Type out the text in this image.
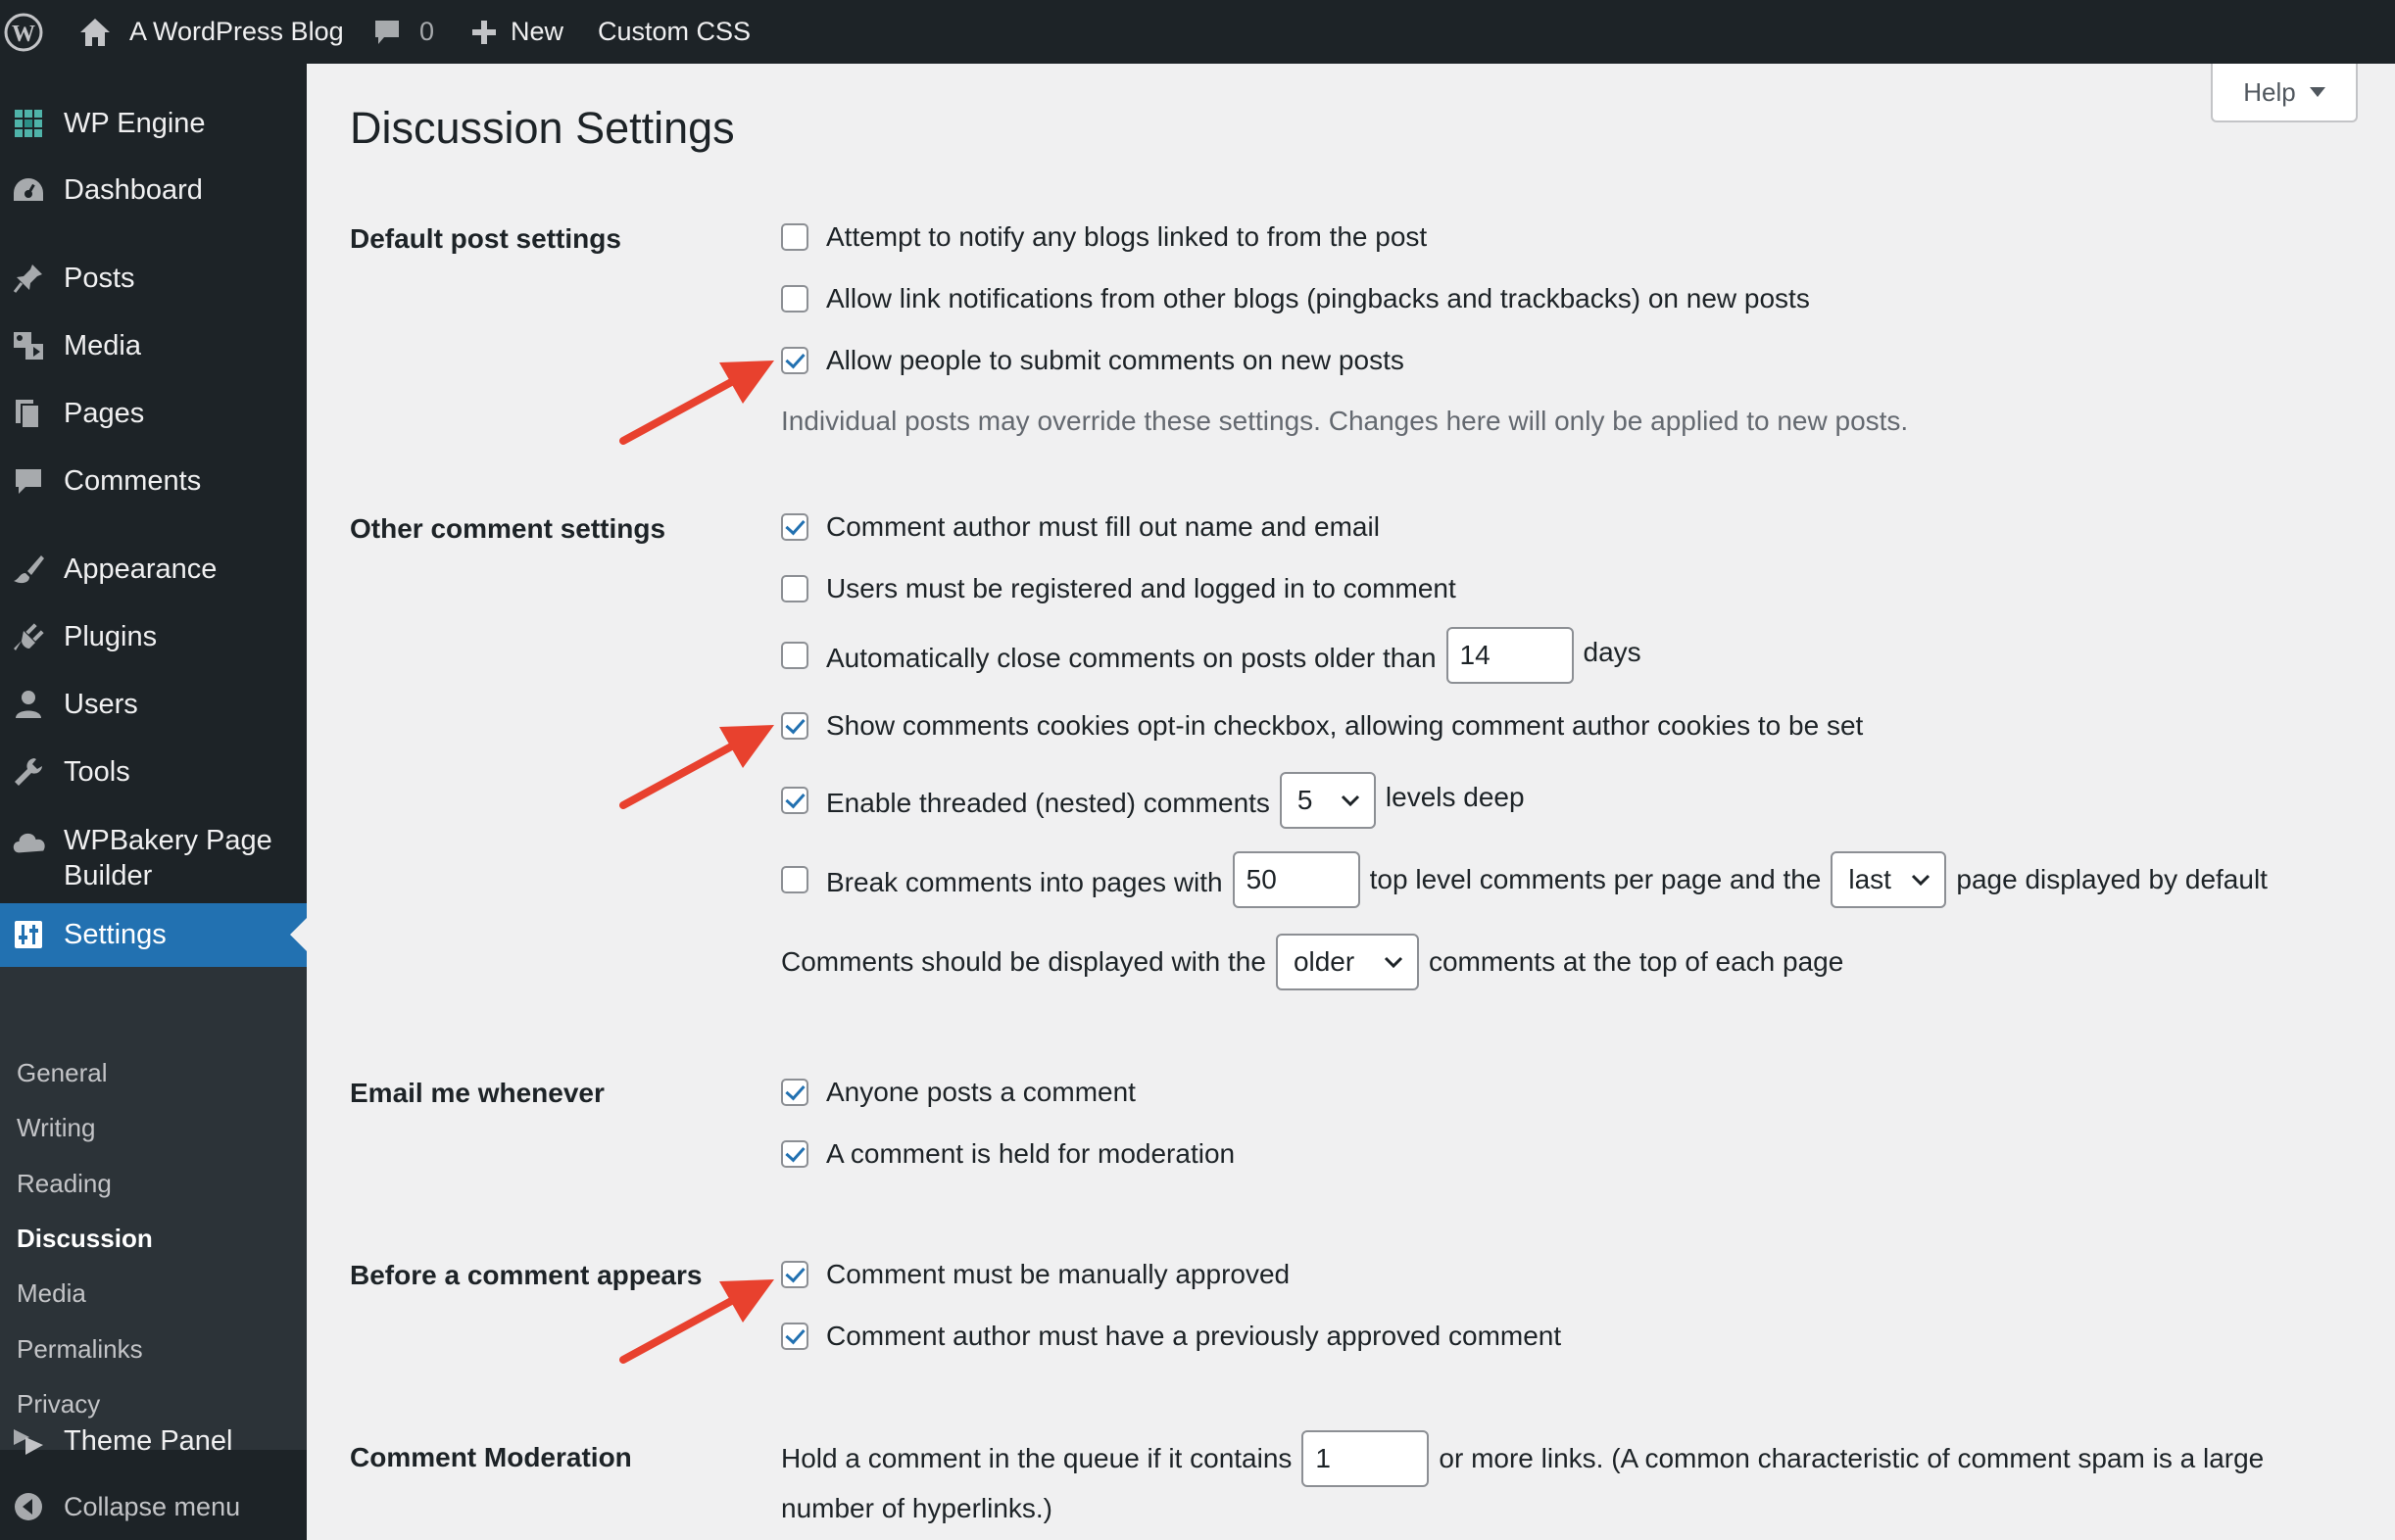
W	A WordPress Blog	0	New Custom CSS
WP Engine
Dashboard
Posts
Media
Pages
Comments
Appearance
Plugins
Users
Tools
WPBakery Page
Builder
Settings
General
Writing
Reading
Discussion
Media
Permalinks
Privacy
Theme Panel
Collapse menu
Help
Discussion Settings
Default post settings	Attempt to notify any blogs linked to from the post
Allow link notifications from other blogs (pingbacks and trackbacks) on new posts
Allow people to submit comments on new posts
Individual posts may override these settings. Changes here will only be applied to new posts.
Other comment settings	Comment author must fill out name and email
Users must be registered and logged in to comment
Automatically close comments on posts older than 14	days
Show comments cookies opt-in checkbox, allowing comment author cookies to be set
Enable threaded (nested) comments 5	levels deep
Break comments into pages with 50	top level comments per page and the last page displayed by default
Comments should be displayed with the older	comments at the top of each page
Email me whenever	Anyone posts a comment
A comment is held for moderation
Before a comment appears	Comment must be manually approved
Comment author must have a previously approved comment
Comment Moderation	Hold a comment in the queue if it contains 1	or more links. (A common characteristic of comment spam is a large
number of hyperlinks.)
